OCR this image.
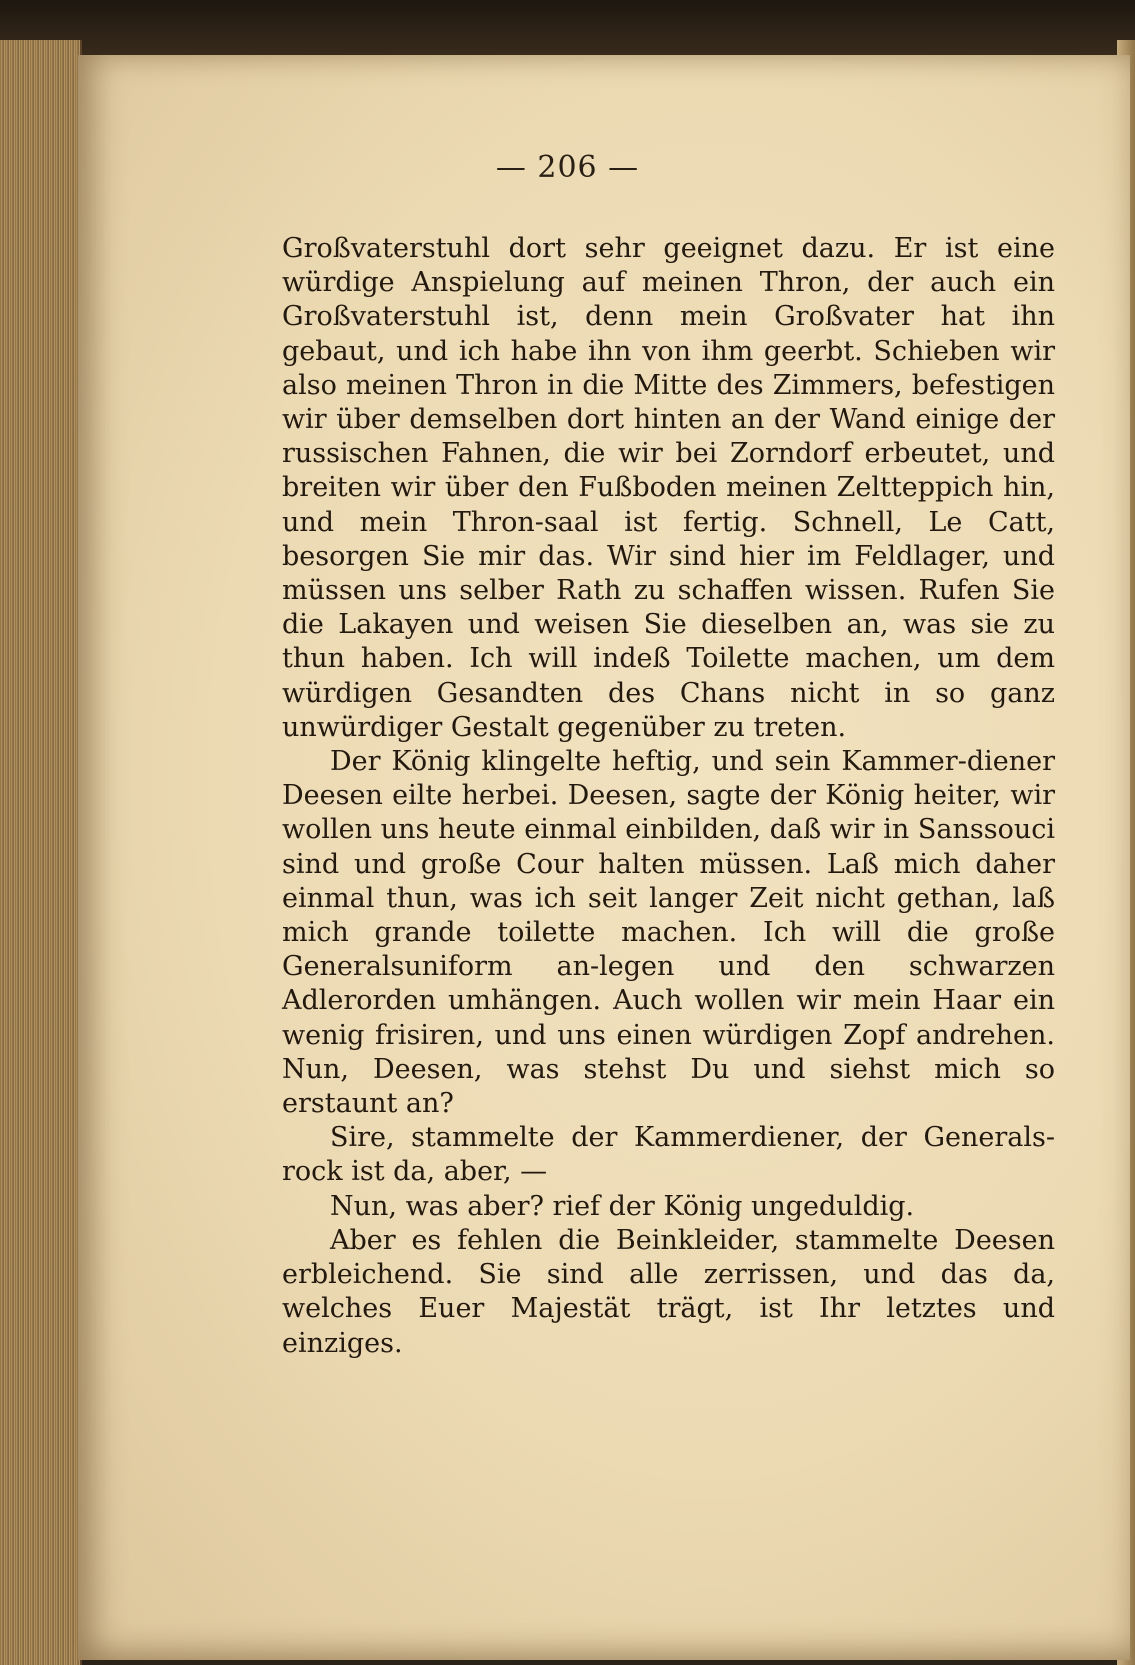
— 206 —

Großvaterstuhl dort sehr geeignet dazu. Er ist eine würdige Anspielung auf meinen Thron, der auch ein Großvaterstuhl ist, denn mein Großvater hat ihn gebaut, und ich habe ihn von ihm geerbt. Schieben wir also meinen Thron in die Mitte des Zimmers, befestigen wir über demselben dort hinten an der Wand einige der russischen Fahnen, die wir bei Zorndorf erbeutet, und breiten wir über den Fußboden meinen Zeltteppich hin, und mein Thron-saal ist fertig. Schnell, Le Catt, besorgen Sie mir das. Wir sind hier im Feldlager, und müssen uns selber Rath zu schaffen wissen. Rufen Sie die Lakayen und weisen Sie dieselben an, was sie zu thun haben. Ich will indeß Toilette machen, um dem würdigen Gesandten des Chans nicht in so ganz unwürdiger Gestalt gegenüber zu treten.

Der König klingelte heftig, und sein Kammer-diener Deesen eilte herbei. Deesen, sagte der König heiter, wir wollen uns heute einmal einbilden, daß wir in Sanssouci sind und große Cour halten müssen. Laß mich daher einmal thun, was ich seit langer Zeit nicht gethan, laß mich grande toilette machen. Ich will die große Generalsuniform an-legen und den schwarzen Adlerorden umhängen. Auch wollen wir mein Haar ein wenig frisiren, und uns einen würdigen Zopf andrehen. Nun, Deesen, was stehst Du und siehst mich so erstaunt an?

Sire, stammelte der Kammerdiener, der Generals-rock ist da, aber, —

Nun, was aber? rief der König ungeduldig.

Aber es fehlen die Beinkleider, stammelte Deesen erbleichend. Sie sind alle zerrissen, und das da, welches Euer Majestät trägt, ist Ihr letztes und einziges.
